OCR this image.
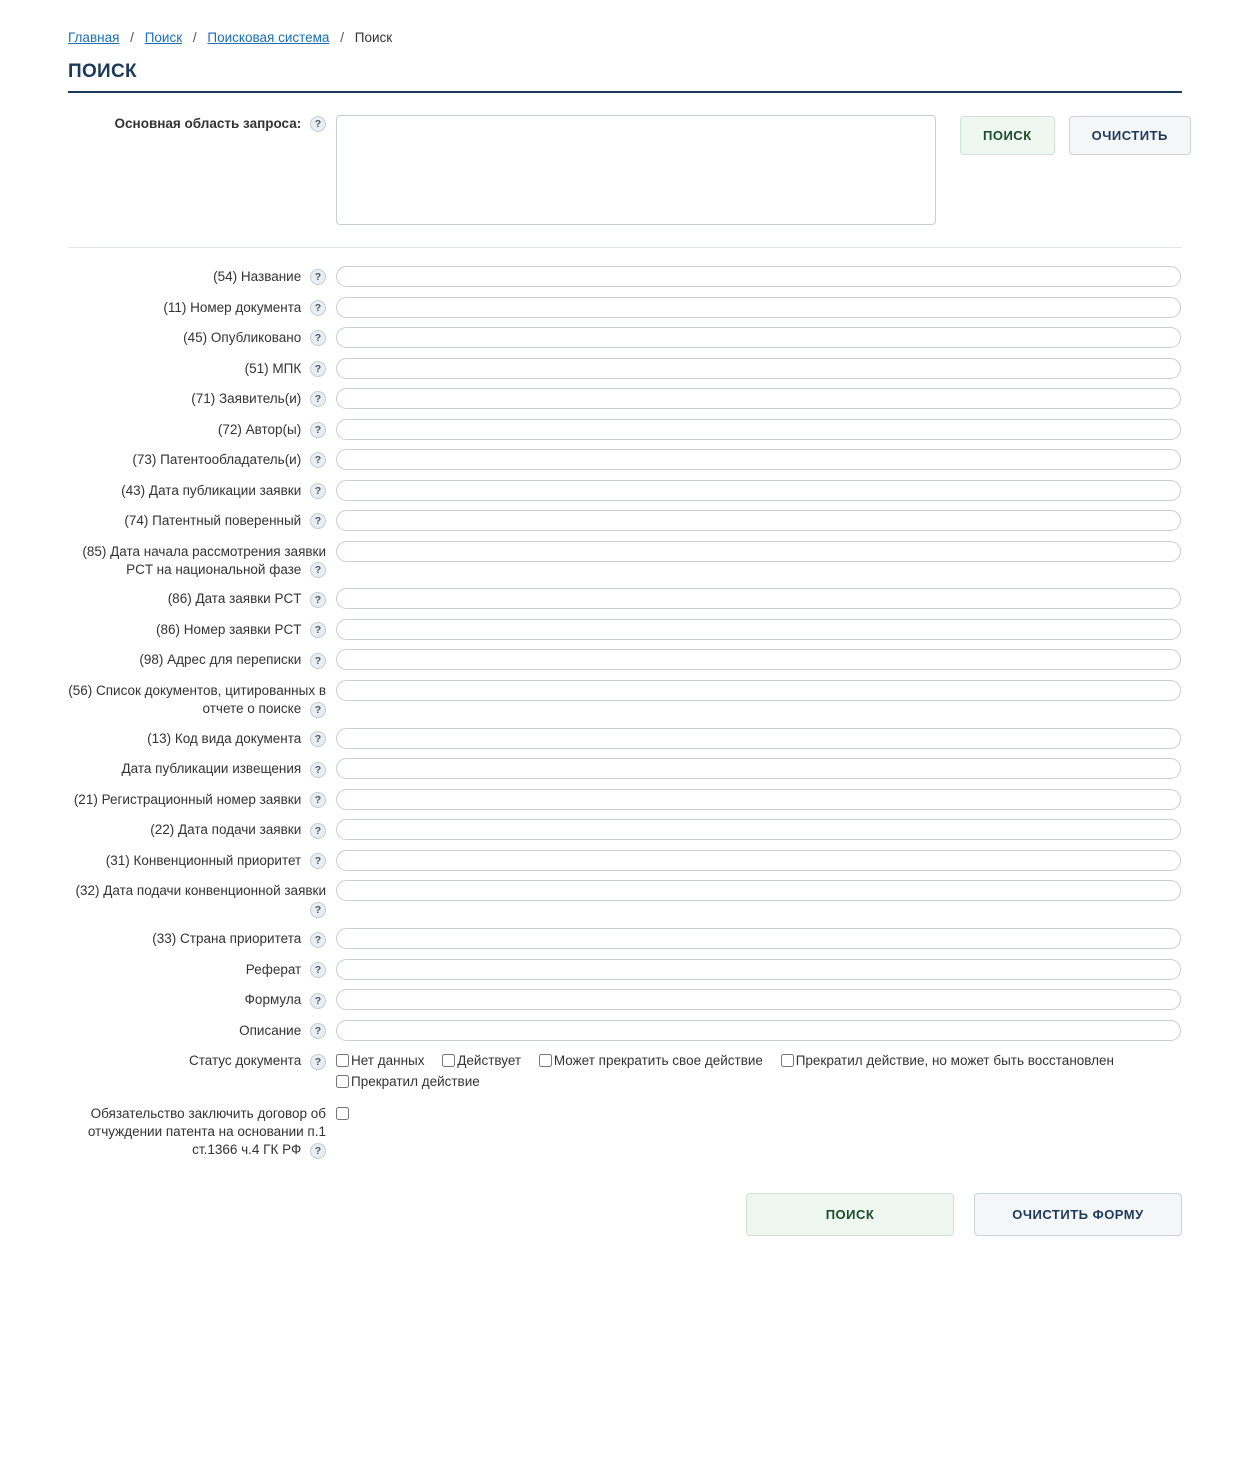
Главная / Поиск / Поисковая система / Поиск
ПОИСК
Основная область запроса: ?
ПОИСК	ОЧИСТИТЬ
(54) Название ?
(11) Номер документа ?
(45) Опубликовано ?
(51) МПК ?
(71) Заявитель(и) ?
(72) Автор(ы) ?
(73) Патентообладатель(и) ?
(43) Дата публикации заявки ?
(74) Патентный поверенный ?
(85) Дата начала рассмотрения заявки PCT на национальной фазе ?
(86) Дата заявки PCT ?
(86) Номер заявки PCT ?
(98) Адрес для переписки ?
(56) Список документов, цитированных в отчете о поиске ?
(13) Код вида документа ?
Дата публикации извещения ?
(21) Регистрационный номер заявки ?
(22) Дата подачи заявки ?
(31) Конвенционный приоритет ?
(32) Дата подачи конвенционной заявки ?
(33) Страна приоритета ?
Реферат ?
Формула ?
Описание ?
Статус документа ?	Нет данных Действует Может прекратить свое действие Прекратил действие, но может быть восстановлен Прекратил действие
Обязательство заключить договор об отчуждении патента на основании п.1 ст.1366 ч.4 ГК РФ ?
ПОИСК	ОЧИСТИТЬ ФОРМУ
